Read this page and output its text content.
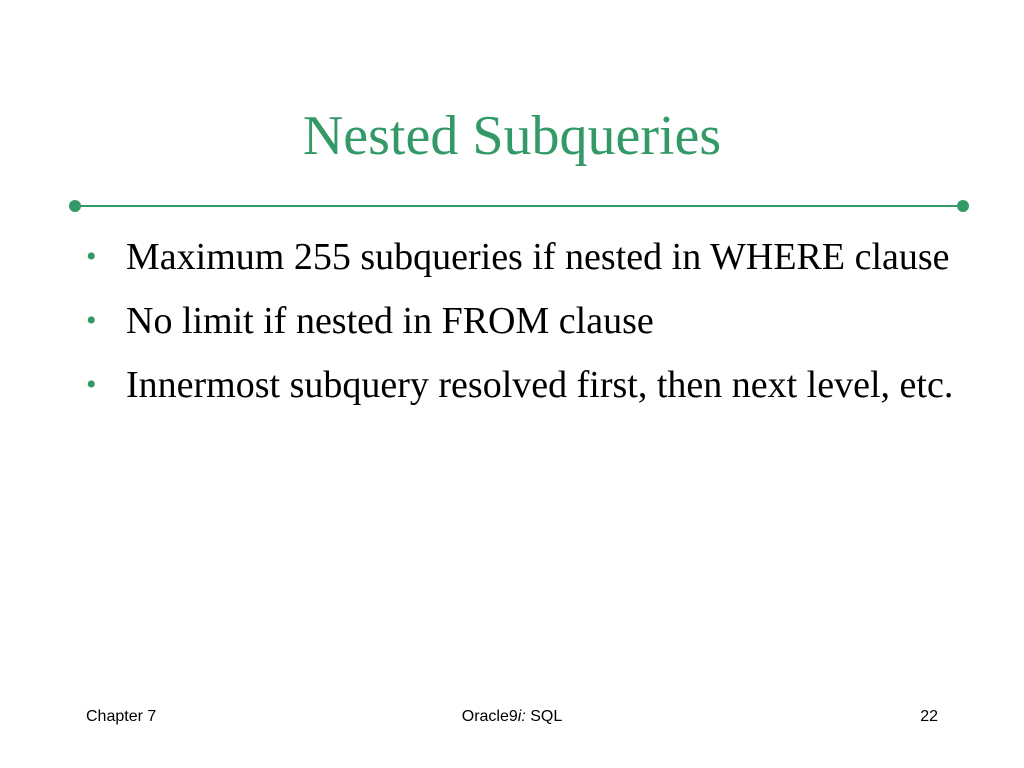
Nested Subqueries
• Maximum 255 subqueries if nested in WHERE clause
• No limit if nested in FROM clause
• Innermost subquery resolved first, then next level, etc.
Chapter 7	Oracle9i: SQL	22
